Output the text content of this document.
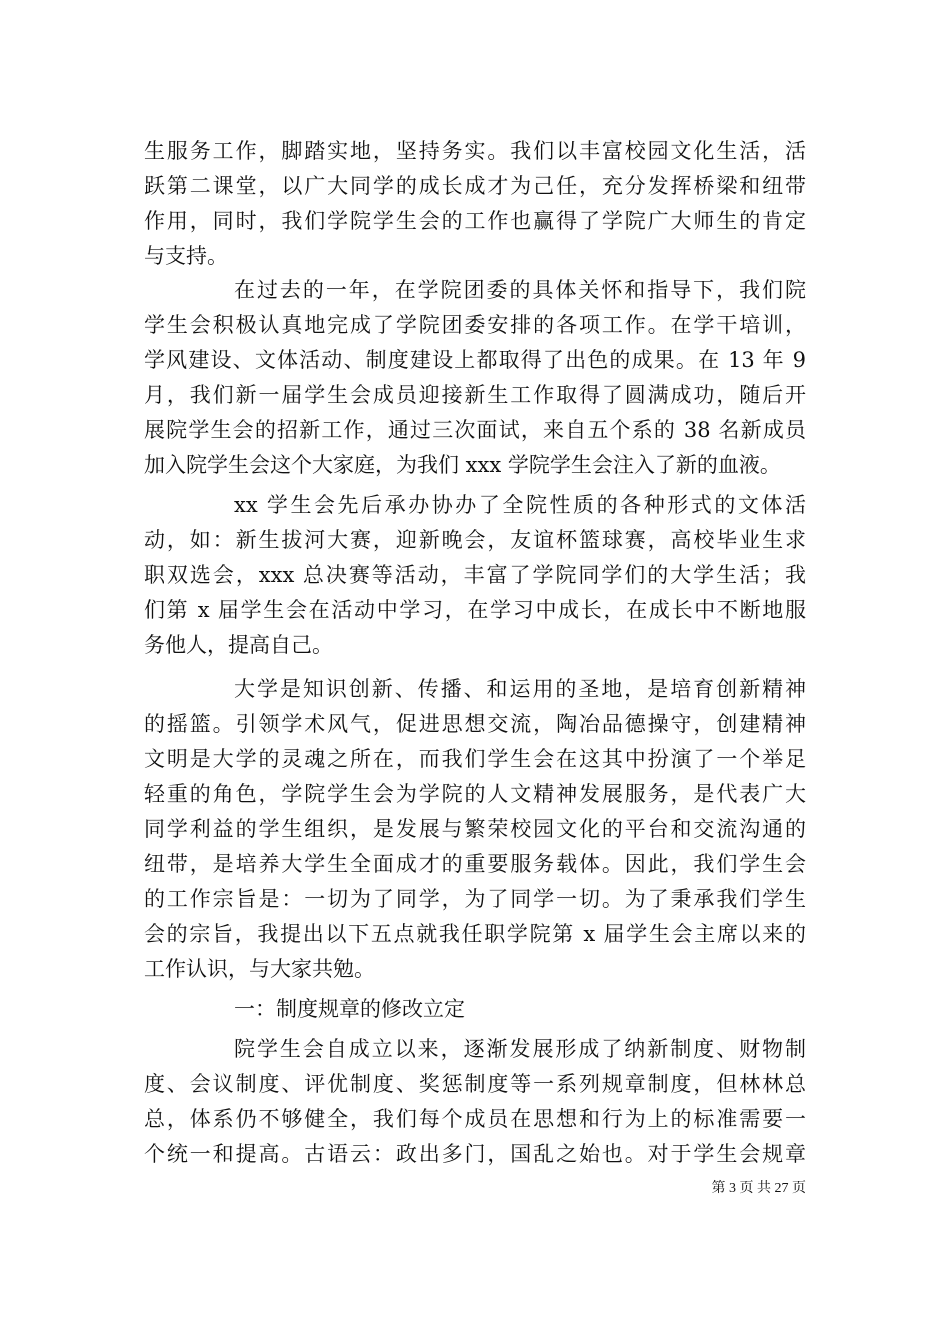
生服务工作，脚踏实地，坚持务实。我们以丰富校园文化生活，活
跃第二课堂，以广大同学的成长成才为己任，充分发挥桥梁和纽带
作用，同时，我们学院学生会的工作也赢得了学院广大师生的肯定
与支持。
在过去的一年，在学院团委的具体关怀和指导下，我们院
学生会积极认真地完成了学院团委安排的各项工作。在学干培训，
学风建设、文体活动、制度建设上都取得了出色的成果。在 13 年 9
月，我们新一届学生会成员迎接新生工作取得了圆满成功，随后开
展院学生会的招新工作，通过三次面试，来自五个系的 38 名新成员
加入院学生会这个大家庭，为我们 xxx 学院学生会注入了新的血液。
xx 学生会先后承办协办了全院性质的各种形式的文体活
动，如：新生拔河大赛，迎新晚会，友谊杯篮球赛，高校毕业生求
职双选会，xxx 总决赛等活动，丰富了学院同学们的大学生活；我
们第 x 届学生会在活动中学习，在学习中成长，在成长中不断地服
务他人，提高自己。
大学是知识创新、传播、和运用的圣地，是培育创新精神
的摇篮。引领学术风气，促进思想交流，陶冶品德操守，创建精神
文明是大学的灵魂之所在，而我们学生会在这其中扮演了一个举足
轻重的角色，学院学生会为学院的人文精神发展服务，是代表广大
同学利益的学生组织，是发展与繁荣校园文化的平台和交流沟通的
纽带，是培养大学生全面成才的重要服务载体。因此，我们学生会
的工作宗旨是：一切为了同学，为了同学一切。为了秉承我们学生
会的宗旨，我提出以下五点就我任职学院第 x 届学生会主席以来的
工作认识，与大家共勉。
一：制度规章的修改立定
院学生会自成立以来，逐渐发展形成了纳新制度、财物制
度、会议制度、评优制度、奖惩制度等一系列规章制度，但林林总
总，体系仍不够健全，我们每个成员在思想和行为上的标准需要一
个统一和提高。古语云：政出多门，国乱之始也。对于学生会规章
第 3 页 共 27 页
